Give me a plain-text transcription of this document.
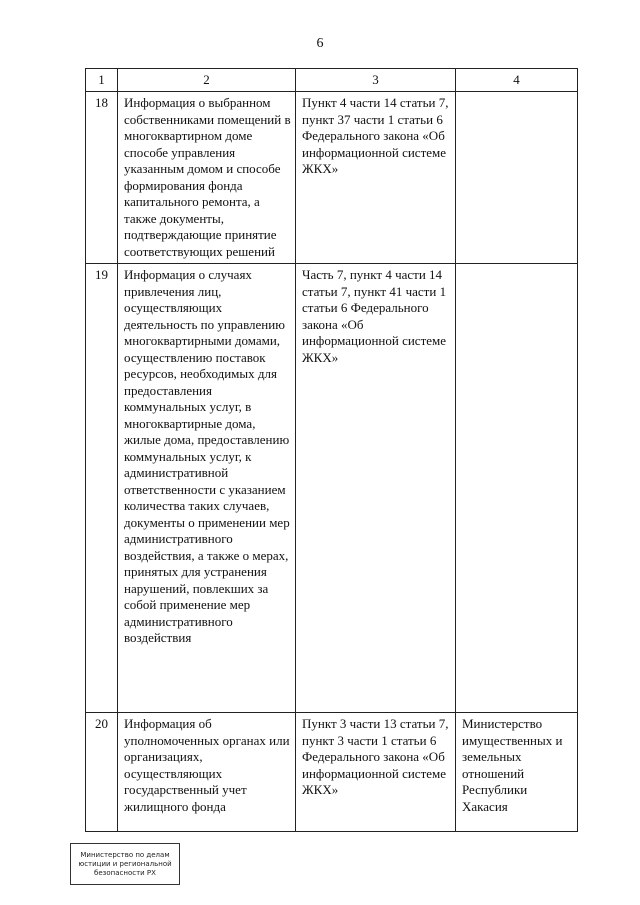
6
1	2	3	4
18	Информация о выбранном собственниками помещений в многоквартирном доме способе управления указанным домом и способе формирования фонда капитального ремонта, а также документы, подтверждающие принятие соответствующих решений	Пункт 4 части 14 статьи 7, пункт 37 части 1 статьи 6 Федерального закона «Об информационной системе ЖКХ»	
19	Информация о случаях привлечения лиц, осуществляющих деятельность по управлению многоквартирными домами, осуществлению поставок ресурсов, необходимых для предоставления коммунальных услуг, в многоквартирные дома, жилые дома, предоставлению коммунальных услуг, к административной ответственности с указанием количества таких случаев, документы о применении мер административного воздействия, а также о мерах, принятых для устранения нарушений, повлекших за собой применение мер административного воздействия	Часть 7, пункт 4 части 14 статьи 7, пункт 41 части 1 статьи 6 Федерального закона «Об информационной системе ЖКХ»	
20	Информация об уполномоченных органах или организациях, осуществляющих государственный учет жилищного фонда	Пункт 3 части 13 статьи 7, пункт 3 части 1 статьи 6 Федерального закона «Об информационной системе ЖКХ»	Министерство имущественных и земельных отношений Республики Хакасия
Министерство по делам
юстиции и региональной
безопасности РХ
